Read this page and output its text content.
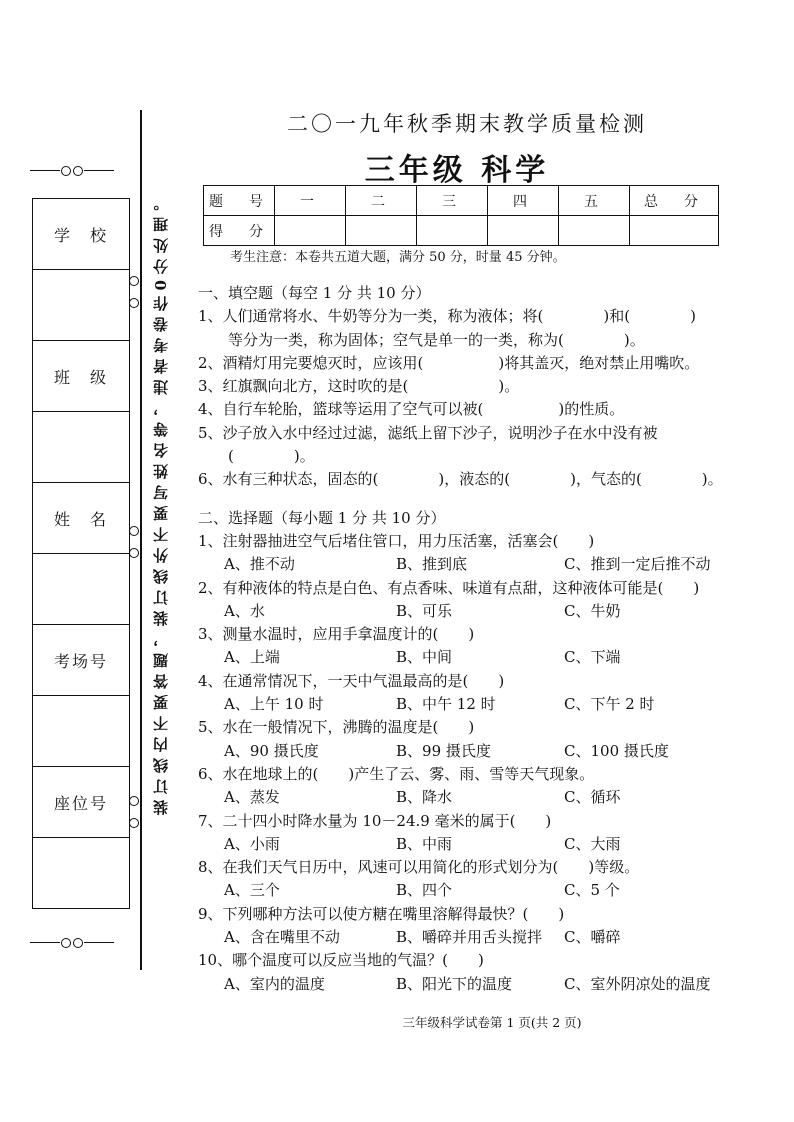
学　校
班　级
姓　名
考场号
座位号	装订线内不要答题，装订线外不要写姓名等，违者考卷作0分处理。
二〇一九年秋季期末教学质量检测
三年级 科学
题　号	一	二	三	四	五	总　分
得　分						
考生注意：本卷共五道大题，满分 50 分，时量 45 分钟。
一、填空题（每空 1 分 共 10 分）
1、人们通常将水、牛奶等分为一类，称为液体；将(　　　　)和(　　　　)
　　等分为一类，称为固体；空气是单一的一类，称为(　　　　)。
2、酒精灯用完要熄灭时，应该用(　　　　　)将其盖灭，绝对禁止用嘴吹。
3、红旗飘向北方，这时吹的是(　　　　　　)。
4、自行车轮胎，篮球等运用了空气可以被(　　　　　)的性质。
5、沙子放入水中经过过滤，滤纸上留下沙子，说明沙子在水中没有被
　　(　　　　)。
6、水有三种状态，固态的(　　　　)，液态的(　　　　)，气态的(　　　　)。
二、选择题（每小题 1 分 共 10 分）
1、注射器抽进空气后堵住管口，用力压活塞，活塞会(　　)
A、推不动	B、推到底	C、推到一定后推不动
2、有种液体的特点是白色、有点香味、味道有点甜，这种液体可能是(　　)
A、水	B、可乐	C、牛奶
3、测量水温时，应用手拿温度计的(　　)
A、上端	B、中间	C、下端
4、在通常情况下，一天中气温最高的是(　　)
A、上午 10 时	B、中午 12 时	C、下午 2 时
5、水在一般情况下，沸腾的温度是(　　)
A、90 摄氏度	B、99 摄氏度	C、100 摄氏度
6、水在地球上的(　　)产生了云、雾、雨、雪等天气现象。
A、蒸发	B、降水	C、循环
7、二十四小时降水量为 10－24.9 毫米的属于(　　)
A、小雨	B、中雨	C、大雨
8、在我们天气日历中，风速可以用简化的形式划分为(　　)等级。
A、三个	B、四个	C、5 个
9、下列哪种方法可以使方糖在嘴里溶解得最快？(　　)
A、含在嘴里不动	B、嚼碎并用舌头搅拌 C、嚼碎
10、哪个温度可以反应当地的气温？(　　)
A、室内的温度	B、阳光下的温度	C、室外阴凉处的温度
三年级科学试卷第 1 页(共 2 页)
